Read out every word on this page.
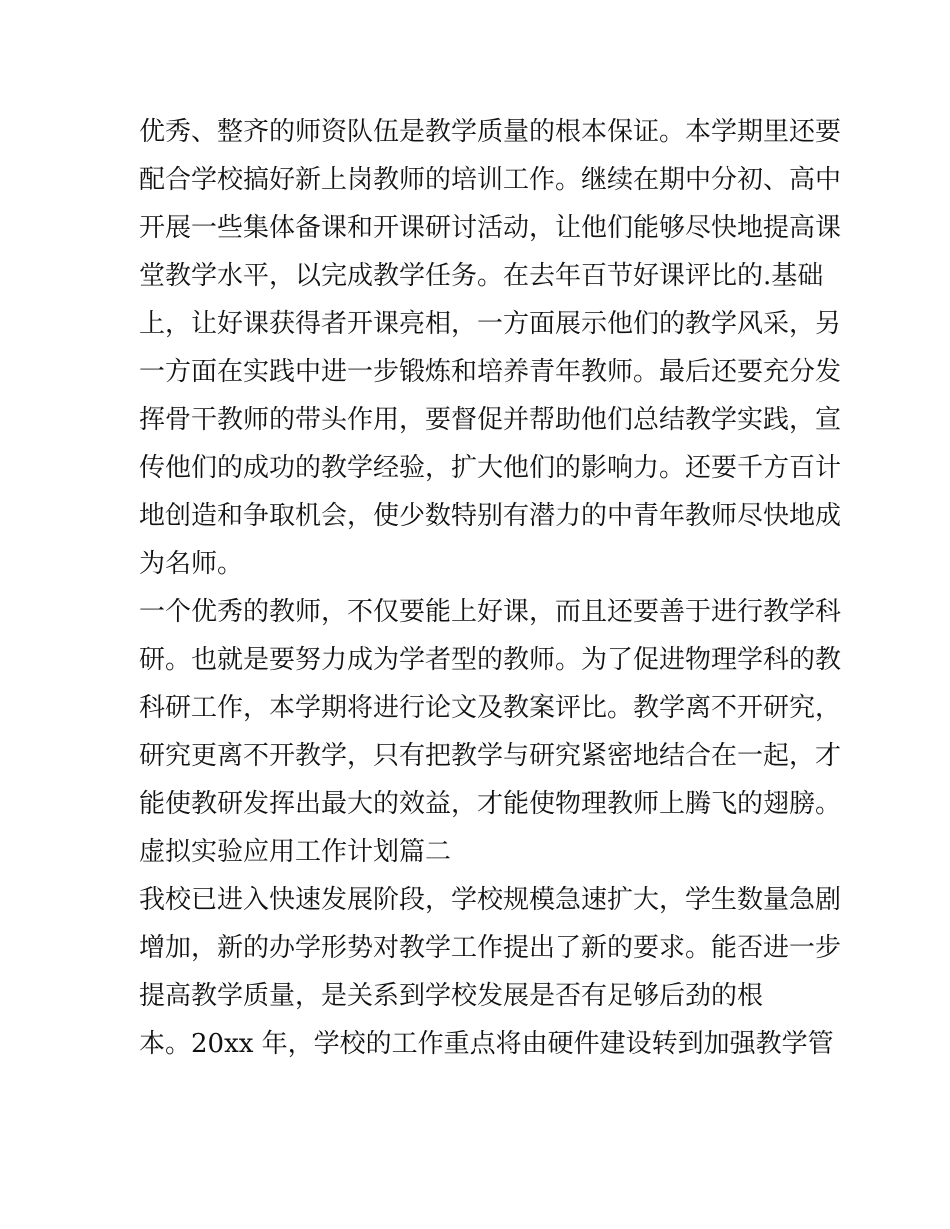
优秀、整齐的师资队伍是教学质量的根本保证。本学期里还要
配合学校搞好新上岗教师的培训工作。继续在期中分初、高中
开展一些集体备课和开课研讨活动，让他们能够尽快地提高课
堂教学水平，以完成教学任务。在去年百节好课评比的.基础
上，让好课获得者开课亮相，一方面展示他们的教学风采，另
一方面在实践中进一步锻炼和培养青年教师。最后还要充分发
挥骨干教师的带头作用，要督促并帮助他们总结教学实践，宣
传他们的成功的教学经验，扩大他们的影响力。还要千方百计
地创造和争取机会，使少数特别有潜力的中青年教师尽快地成
为名师。
一个优秀的教师，不仅要能上好课，而且还要善于进行教学科
研。也就是要努力成为学者型的教师。为了促进物理学科的教
科研工作，本学期将进行论文及教案评比。教学离不开研究，
研究更离不开教学，只有把教学与研究紧密地结合在一起，才
能使教研发挥出最大的效益，才能使物理教师上腾飞的翅膀。
虚拟实验应用工作计划篇二
我校已进入快速发展阶段，学校规模急速扩大，学生数量急剧
增加，新的办学形势对教学工作提出了新的要求。能否进一步
提高教学质量，是关系到学校发展是否有足够后劲的根
本。20xx 年，学校的工作重点将由硬件建设转到加强教学管
